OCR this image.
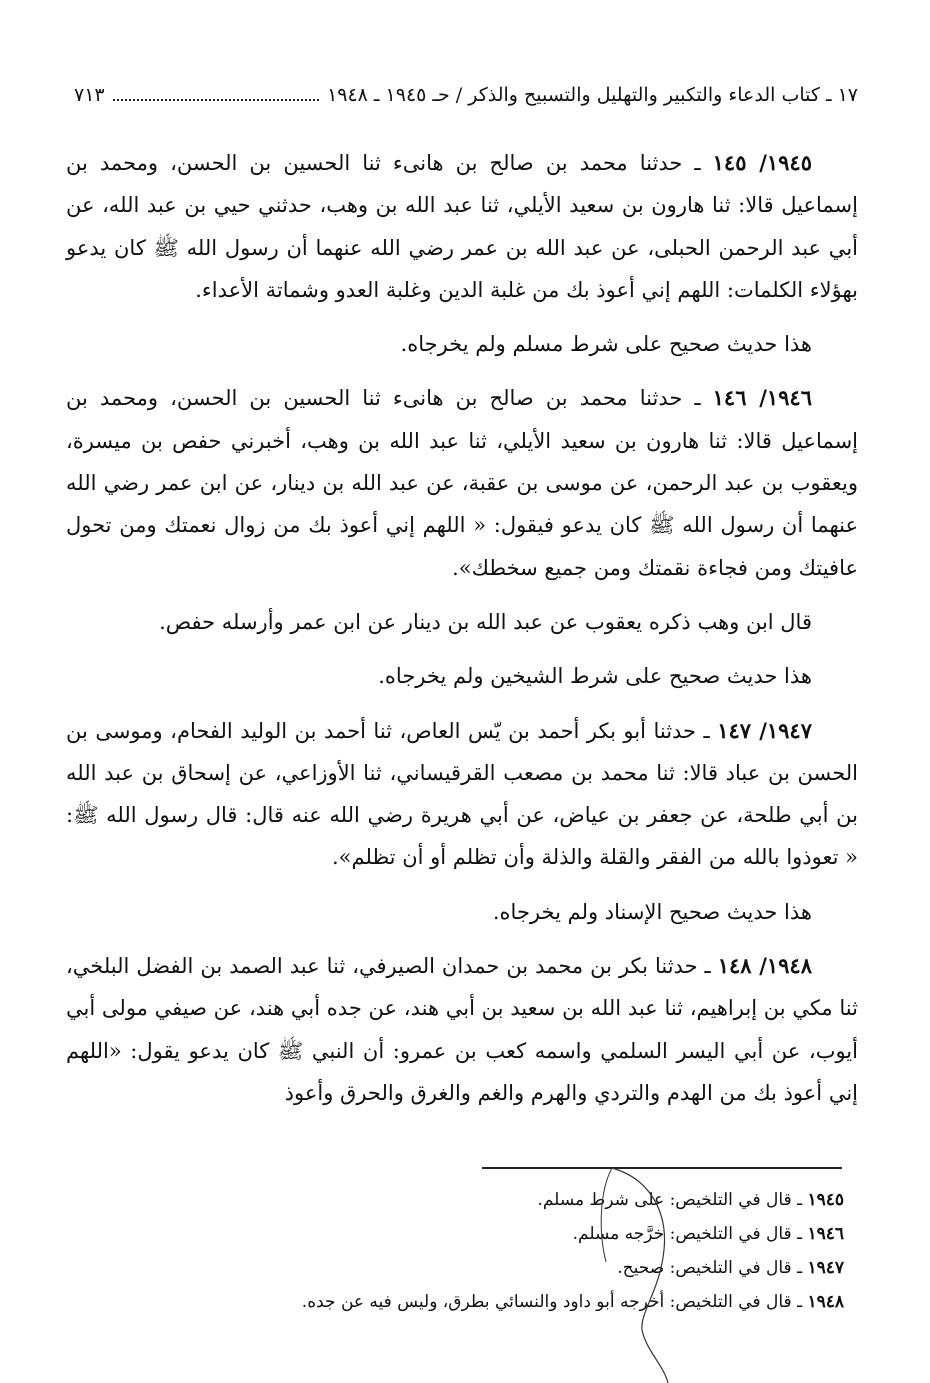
١٧ ـ كتاب الدعاء والتكبير والتهليل والتسبيح والذكر / حـ ١٩٤٥ ـ ١٩٤٨
٧١٣

١٩٤٥/ ١٤٥ ـ حدثنا محمد بن صالح بن هانىء ثنا الحسين بن الحسن، ومحمد بن إسماعيل قالا: ثنا هارون بن سعيد الأيلي، ثنا عبد الله بن وهب، حدثني حيي بن عبد الله، عن أبي عبد الرحمن الحبلى، عن عبد الله بن عمر رضي الله عنهما أن رسول الله ﷺ كان يدعو بهؤلاء الكلمات: اللهم إني أعوذ بك من غلبة الدين وغلبة العدو وشماتة الأعداء.

هذا حديث صحيح على شرط مسلم ولم يخرجاه.

١٩٤٦/ ١٤٦ ـ حدثنا محمد بن صالح بن هانىء ثنا الحسين بن الحسن، ومحمد بن إسماعيل قالا: ثنا هارون بن سعيد الأيلي، ثنا عبد الله بن وهب، أخبرني حفص بن ميسرة، ويعقوب بن عبد الرحمن، عن موسى بن عقبة، عن عبد الله بن دينار، عن ابن عمر رضي الله عنهما أن رسول الله ﷺ كان يدعو فيقول: « اللهم إني أعوذ بك من زوال نعمتك ومن تحول عافيتك ومن فجاءة نقمتك ومن جميع سخطك».

قال ابن وهب ذكره يعقوب عن عبد الله بن دينار عن ابن عمر وأرسله حفص.

هذا حديث صحيح على شرط الشيخين ولم يخرجاه.

١٩٤٧/ ١٤٧ ـ حدثنا أبو بكر أحمد بن يّس العاص، ثنا أحمد بن الوليد الفحام، وموسى بن الحسن بن عباد قالا: ثنا محمد بن مصعب القرقيساني، ثنا الأوزاعي، عن إسحاق بن عبد الله بن أبي طلحة، عن جعفر بن عياض، عن أبي هريرة رضي الله عنه قال: قال رسول الله ﷺ: « تعوذوا بالله من الفقر والقلة والذلة وأن تظلم أو أن تظلم».

هذا حديث صحيح الإسناد ولم يخرجاه.

١٩٤٨/ ١٤٨ ـ حدثنا بكر بن محمد بن حمدان الصيرفي، ثنا عبد الصمد بن الفضل البلخي، ثنا مكي بن إبراهيم، ثنا عبد الله بن سعيد بن أبي هند، عن جده أبي هند، عن صيفي مولى أبي أيوب، عن أبي اليسر السلمي واسمه كعب بن عمرو: أن النبي ﷺ كان يدعو يقول: «اللهم إني أعوذ بك من الهدم والتردي والهرم والغم والغرق والحرق وأعوذ

١٩٤٥ ـ قال في التلخيص: على شرط مسلم.
١٩٤٦ ـ قال في التلخيص: خرَّجه مسلم.
١٩٤٧ ـ قال في التلخيص: صحيح.
١٩٤٨ ـ قال في التلخيص: أخرجه أبو داود والنسائي بطرق، وليس فيه عن جده.
